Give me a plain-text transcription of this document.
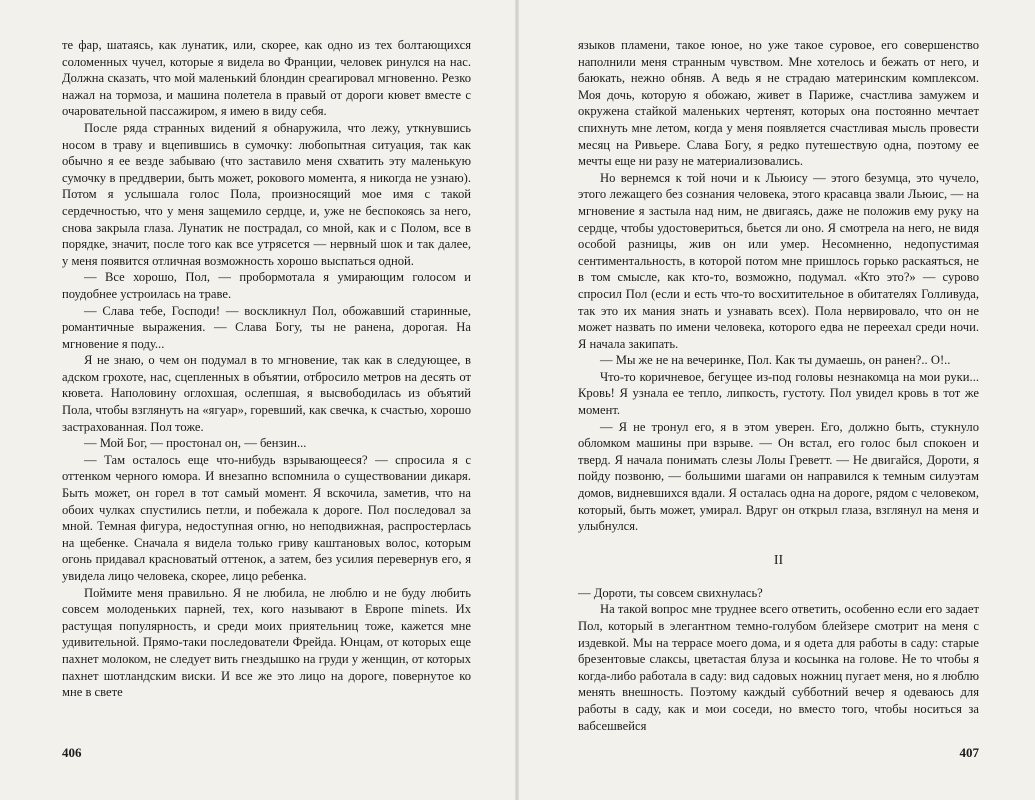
те фар, шатаясь, как лунатик, или, скорее, как одно из тех болтающихся соломенных чучел, которые я видела во Франции, человек ринулся на нас. Должна сказать, что мой маленький блондин среагировал мгновенно. Резко нажал на тормоза, и машина полетела в правый от дороги кювет вместе с очаровательной пассажиром, я имею в виду себя.

После ряда странных видений я обнаружила, что лежу, уткнувшись носом в траву и вцепившись в сумочку: любопытная ситуация, так как обычно я ее везде забываю (что заставило меня схватить эту маленькую сумочку в преддверии, быть может, рокового момента, я никогда не узнаю). Потом я услышала голос Пола, произносящий мое имя с такой сердечностью, что у меня защемило сердце, и, уже не беспокоясь за него, снова закрыла глаза. Лунатик не пострадал, со мной, как и с Полом, все в порядке, значит, после того как все утрясется — нервный шок и так далее, у меня появится отличная возможность хорошо выспаться одной.

— Все хорошо, Пол, — пробормотала я умирающим голосом и поудобнее устроилась на траве.

— Слава тебе, Господи! — воскликнул Пол, обожавший старинные, романтичные выражения. — Слава Богу, ты не ранена, дорогая. На мгновение я поду...

Я не знаю, о чем он подумал в то мгновение, так как в следующее, в адском грохоте, нас, сцепленных в объятии, отбросило метров на десять от кювета. Наполовину оглохшая, ослепшая, я высвободилась из объятий Пола, чтобы взглянуть на «ягуар», горевший, как свечка, к счастью, хорошо застрахованная. Пол тоже.

— Мой Бог, — простонал он, — бензин...

— Там осталось еще что-нибудь взрывающееся? — спросила я с оттенком черного юмора. И внезапно вспомнила о существовании дикаря. Быть может, он горел в тот самый момент. Я вскочила, заметив, что на обоих чулках спустились петли, и побежала к дороге. Пол последовал за мной. Темная фигура, недоступная огню, но неподвижная, распростерлась на щебенке. Сначала я видела только гриву каштановых волос, которым огонь придавал красноватый оттенок, а затем, без усилия перевернув его, я увидела лицо человека, скорее, лицо ребенка.

Поймите меня правильно. Я не любила, не люблю и не буду любить совсем молоденьких парней, тех, кого называют в Европе minets. Их растущая популярность, и среди моих приятельниц тоже, кажется мне удивительной. Прямо-таки последователи Фрейда. Юнцам, от которых еще пахнет молоком, не следует вить гнездышко на груди у женщин, от которых пахнет шотландским виски. И все же это лицо на дороге, повернутое ко мне в свете

406

языков пламени, такое юное, но уже такое суровое, его совершенство наполнили меня странным чувством. Мне хотелось и бежать от него, и баюкать, нежно обняв. А ведь я не страдаю материнским комплексом. Моя дочь, которую я обожаю, живет в Париже, счастлива замужем и окружена стайкой маленьких чертенят, которых она постоянно мечтает спихнуть мне летом, когда у меня появляется счастливая мысль провести месяц на Ривьере. Слава Богу, я редко путешествую одна, поэтому ее мечты еще ни разу не материализовались.

Но вернемся к той ночи и к Льюису — этого безумца, это чучело, этого лежащего без сознания человека, этого красавца звали Льюис, — на мгновение я застыла над ним, не двигаясь, даже не положив ему руку на сердце, чтобы удостовериться, бьется ли оно. Я смотрела на него, не видя особой разницы, жив он или умер. Несомненно, недопустимая сентиментальность, в которой потом мне пришлось горько раскаяться, не в том смысле, как кто-то, возможно, подумал. «Кто это?» — сурово спросил Пол (если и есть что-то восхитительное в обитателях Голливуда, так это их мания знать и узнавать всех). Пола нервировало, что он не может назвать по имени человека, которого едва не переехал среди ночи. Я начала закипать.

— Мы же не на вечеринке, Пол. Как ты думаешь, он ранен?.. О!..

Что-то коричневое, бегущее из-под головы незнакомца на мои руки... Кровь! Я узнала ее тепло, липкость, густоту. Пол увидел кровь в тот же момент.

— Я не тронул его, я в этом уверен. Его, должно быть, стукнуло обломком машины при взрыве. — Он встал, его голос был спокоен и тверд. Я начала понимать слезы Лолы Греветт. — Не двигайся, Дороти, я пойду позвоню, — большими шагами он направился к темным силуэтам домов, видневшихся вдали. Я осталась одна на дороге, рядом с человеком, который, быть может, умирал. Вдруг он открыл глаза, взглянул на меня и улыбнулся.

II

— Дороти, ты совсем свихнулась?

На такой вопрос мне труднее всего ответить, особенно если его задает Пол, который в элегантном темно-голубом блейзере смотрит на меня с издевкой. Мы на террасе моего дома, и я одета для работы в саду: старые брезентовые слаксы, цветастая блуза и косынка на голове. Не то чтобы я когда-либо работала в саду: вид садовых ножниц пугает меня, но я люблю менять внешность. Поэтому каждый субботний вечер я одеваюсь для работы в саду, как и мои соседи, но вместо того, чтобы носиться за вабсешвейся

407
